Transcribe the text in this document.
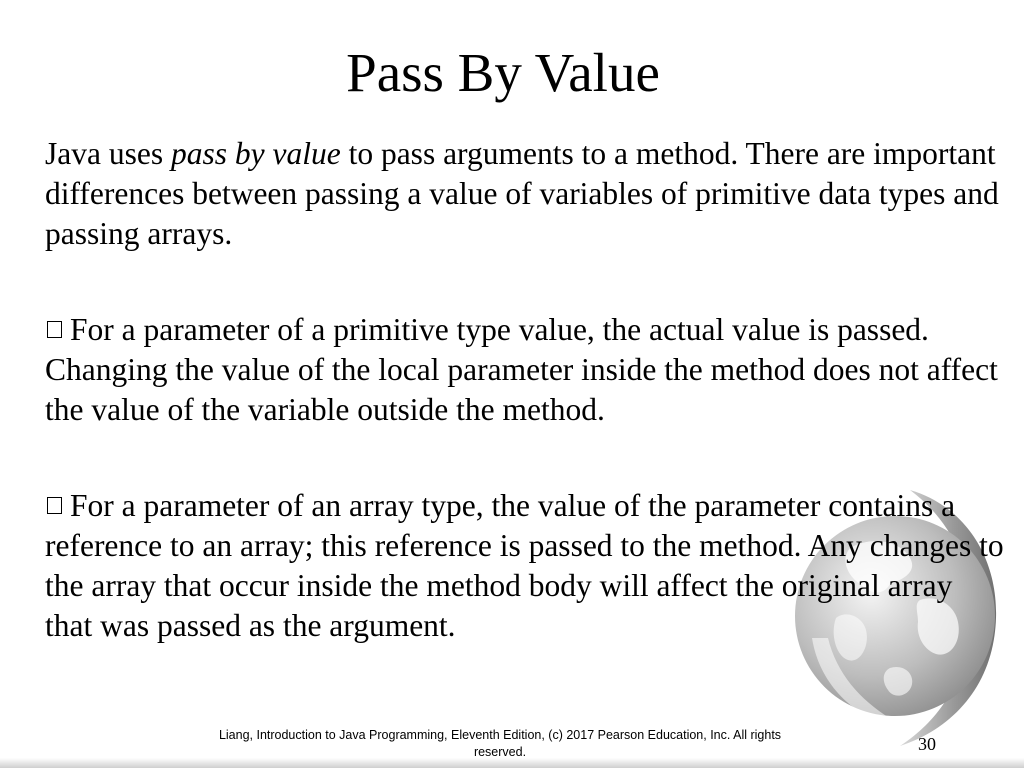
Pass By Value

Java uses pass by value to pass arguments to a method. There are important differences between passing a value of variables of primitive data types and passing arrays.

For a parameter of a primitive type value, the actual value is passed. Changing the value of the local parameter inside the method does not affect the value of the variable outside the method.

For a parameter of an array type, the value of the parameter contains a reference to an array; this reference is passed to the method. Any changes to the array that occur inside the method body will affect the original array that was passed as the argument.

Liang, Introduction to Java Programming, Eleventh Edition, (c) 2017 Pearson Education, Inc. All rights reserved.	30
